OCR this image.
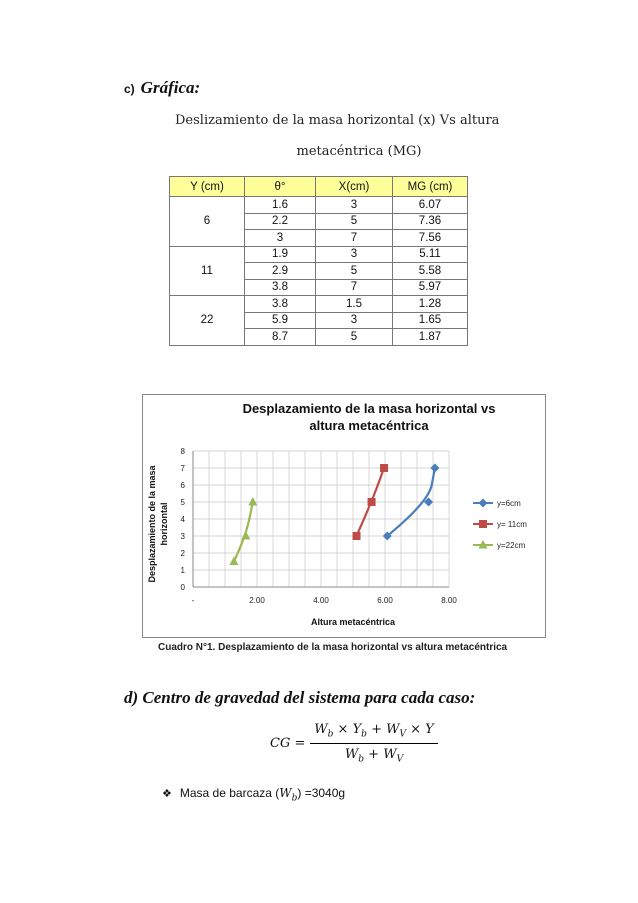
c) Gráfica:
Deslizamiento de la masa horizontal (x) Vs altura
metacéntrica (MG)
Y (cm)	θ°	X(cm)	MG (cm)
6	1.6	3	6.07
	2.2	5	7.36
	3	7	7.56
11	1.9	3	5.11
	2.9	5	5.58
	3.8	7	5.97
22	3.8	1.5	1.28
	5.9	3	1.65
	8.7	5	1.87
Desplazamiento de la masa horizontal vs
altura metacéntrica
Desplazamiento de la masa horizontal
Altura metacéntrica
0
1
2
3
4
5
6
7
8
-	2.00	4.00	6.00	8.00
y=6cm
y= 11cm
y=22cm
Cuadro N°1. Desplazamiento de la masa horizontal vs altura metacéntrica
d) Centro de gravedad del sistema para cada caso:
CG =
$W_b \times Y_b + W_V \times Y$
$W_b + W_V$
❖ Masa de barcaza $(W_b) =3040g$
